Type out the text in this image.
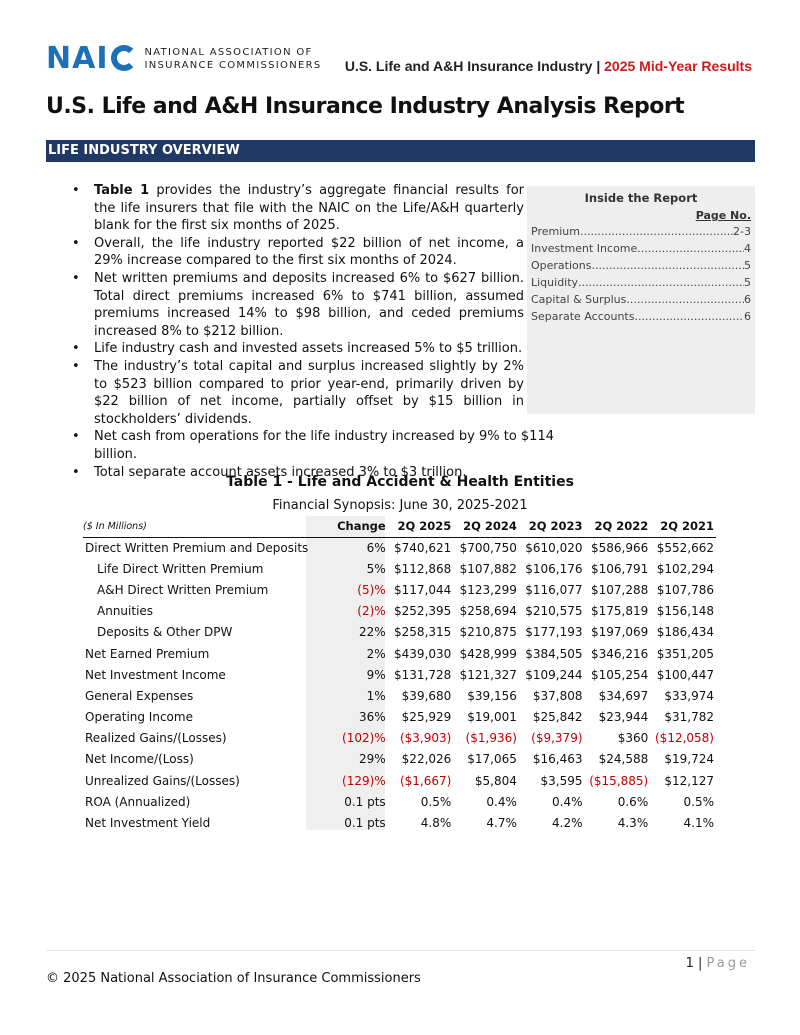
NAI	NATIONAL ASSOCIATION OF
INSURANCE COMMISSIONERS U.S. Life and A&H Insurance Industry | 2025 Mid-Year Results
U.S. Life and A&H Insurance Industry Analysis Report
LIFE INDUSTRY OVERVIEW
• Table 1 provides the industry’s aggregate financial results for the life insurers that file with the NAIC on the Life/A&H quarterly blank for the first six months of 2025.
• Overall, the life industry reported $22 billion of net income, a 29% increase compared to the first six months of 2024.
• Net written premiums and deposits increased 6% to $627 billion. Total direct premiums increased 6% to $741 billion, assumed premiums increased 14% to $98 billion, and ceded premiums increased 8% to $212 billion.
• Life industry cash and invested assets increased 5% to $5 trillion.
• The industry’s total capital and surplus increased slightly by 2% to $523 billion compared to prior year-end, primarily driven by $22 billion of net income, partially offset by $15 billion in stockholders’ dividends.
• Net cash from operations for the life industry increased by 9% to $114 billion.
• Total separate account assets increased 3% to $3 trillion.
Inside the Report
Page No.
Premium .....	2-3
Investment Income .....	4
Operations .....	5
Liquidity .....	5
Capital & Surplus .....	6
Separate Accounts .....	6
Table 1 - Life and Accident & Health Entities
Financial Synopsis: June 30, 2025-2021
($ In Millions)	Change	2Q 2025	2Q 2024	2Q 2023	2Q 2022	2Q 2021
Direct Written Premium and Deposits	6%	$740,621	$700,750	$610,020	$586,966	$552,662
Life Direct Written Premium	5%	$112,868	$107,882	$106,176	$106,791	$102,294
A&H Direct Written Premium	(5)%	$117,044	$123,299	$116,077	$107,288	$107,786
Annuities	(2)%	$252,395	$258,694	$210,575	$175,819	$156,148
Deposits & Other DPW	22%	$258,315	$210,875	$177,193	$197,069	$186,434
Net Earned Premium	2%	$439,030	$428,999	$384,505	$346,216	$351,205
Net Investment Income	9%	$131,728	$121,327	$109,244	$105,254	$100,447
General Expenses	1%	$39,680	$39,156	$37,808	$34,697	$33,974
Operating Income	36%	$25,929	$19,001	$25,842	$23,944	$31,782
Realized Gains/(Losses)	(102)%	($3,903)	($1,936)	($9,379)	$360	($12,058)
Net Income/(Loss)	29%	$22,026	$17,065	$16,463	$24,588	$19,724
Unrealized Gains/(Losses)	(129)%	($1,667)	$5,804	$3,595	($15,885)	$12,127
ROA (Annualized)	0.1 pts	0.5%	0.4%	0.4%	0.6%	0.5%
Net Investment Yield	0.1 pts	4.8%	4.7%	4.2%	4.3%	4.1%
1 | Page
© 2025 National Association of Insurance Commissioners
